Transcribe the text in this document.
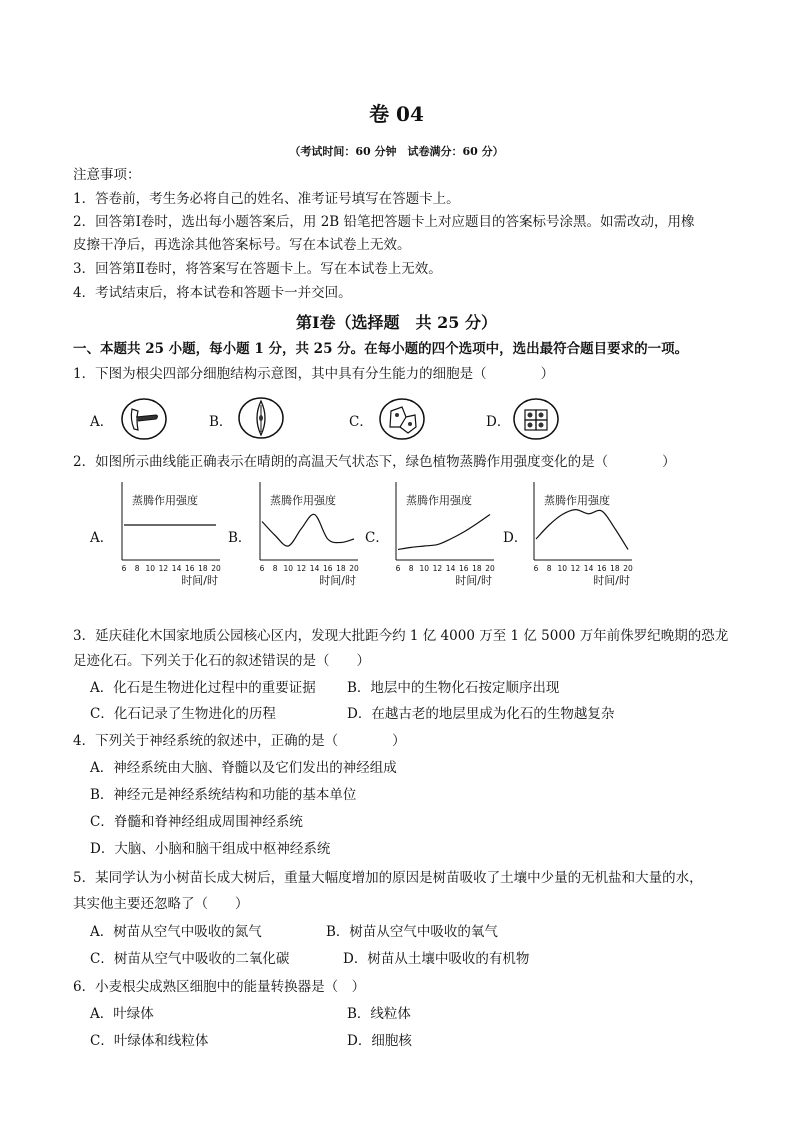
卷 04
（考试时间：60 分钟　试卷满分：60 分）
注意事项：
1．答卷前，考生务必将自己的姓名、准考证号填写在答题卡上。
2．回答第Ⅰ卷时，选出每小题答案后，用 2B 铅笔把答题卡上对应题目的答案标号涂黑。如需改动，用橡
皮擦干净后，再选涂其他答案标号。写在本试卷上无效。
3．回答第Ⅱ卷时，将答案写在答题卡上。写在本试卷上无效。
4．考试结束后，将本试卷和答题卡一并交回。
第Ⅰ卷（选择题　共 25 分）
一、本题共 25 小题，每小题 1 分，共 25 分。在每小题的四个选项中，选出最符合题目要求的一项。
1．下图为根尖四部分细胞结构示意图，其中具有分生能力的细胞是（　　　　）
A．	B．	C．	D．
2．如图所示曲线能正确表示在晴朗的高温天气状态下，绿色植物蒸腾作用强度变化的是（　　　　）
A．	B．	C．	D．
蒸腾作用强度
6 8 10 12 14 16 18 20
时间/时
蒸腾作用强度
6 8 10 12 14 16 18 20
时间/时
蒸腾作用强度
6 8 10 12 14 16 18 20
时间/时
蒸腾作用强度
6 8 10 12 14 16 18 20
时间/时
3．延庆硅化木国家地质公园核心区内，发现大批距今约 1 亿 4000 万至 1 亿 5000 万年前侏罗纪晚期的恐龙
足迹化石。下列关于化石的叙述错误的是（　　）
A．化石是生物进化过程中的重要证据 B．地层中的生物化石按定顺序出现
C．化石记录了生物进化的历程	D．在越古老的地层里成为化石的生物越复杂
4．下列关于神经系统的叙述中，正确的是（　　　　）
A．神经系统由大脑、脊髓以及它们发出的神经组成
B．神经元是神经系统结构和功能的基本单位
C．脊髓和脊神经组成周围神经系统
D．大脑、小脑和脑干组成中枢神经系统
5．某同学认为小树苗长成大树后，重量大幅度增加的原因是树苗吸收了土壤中少量的无机盐和大量的水，
其实他主要还忽略了（　　）
A．树苗从空气中吸收的氮气	B．树苗从空气中吸收的氧气
C．树苗从空气中吸收的二氧化碳	D．树苗从土壤中吸收的有机物
6．小麦根尖成熟区细胞中的能量转换器是（　）
A．叶绿体	B．线粒体
C．叶绿体和线粒体	D．细胞核
